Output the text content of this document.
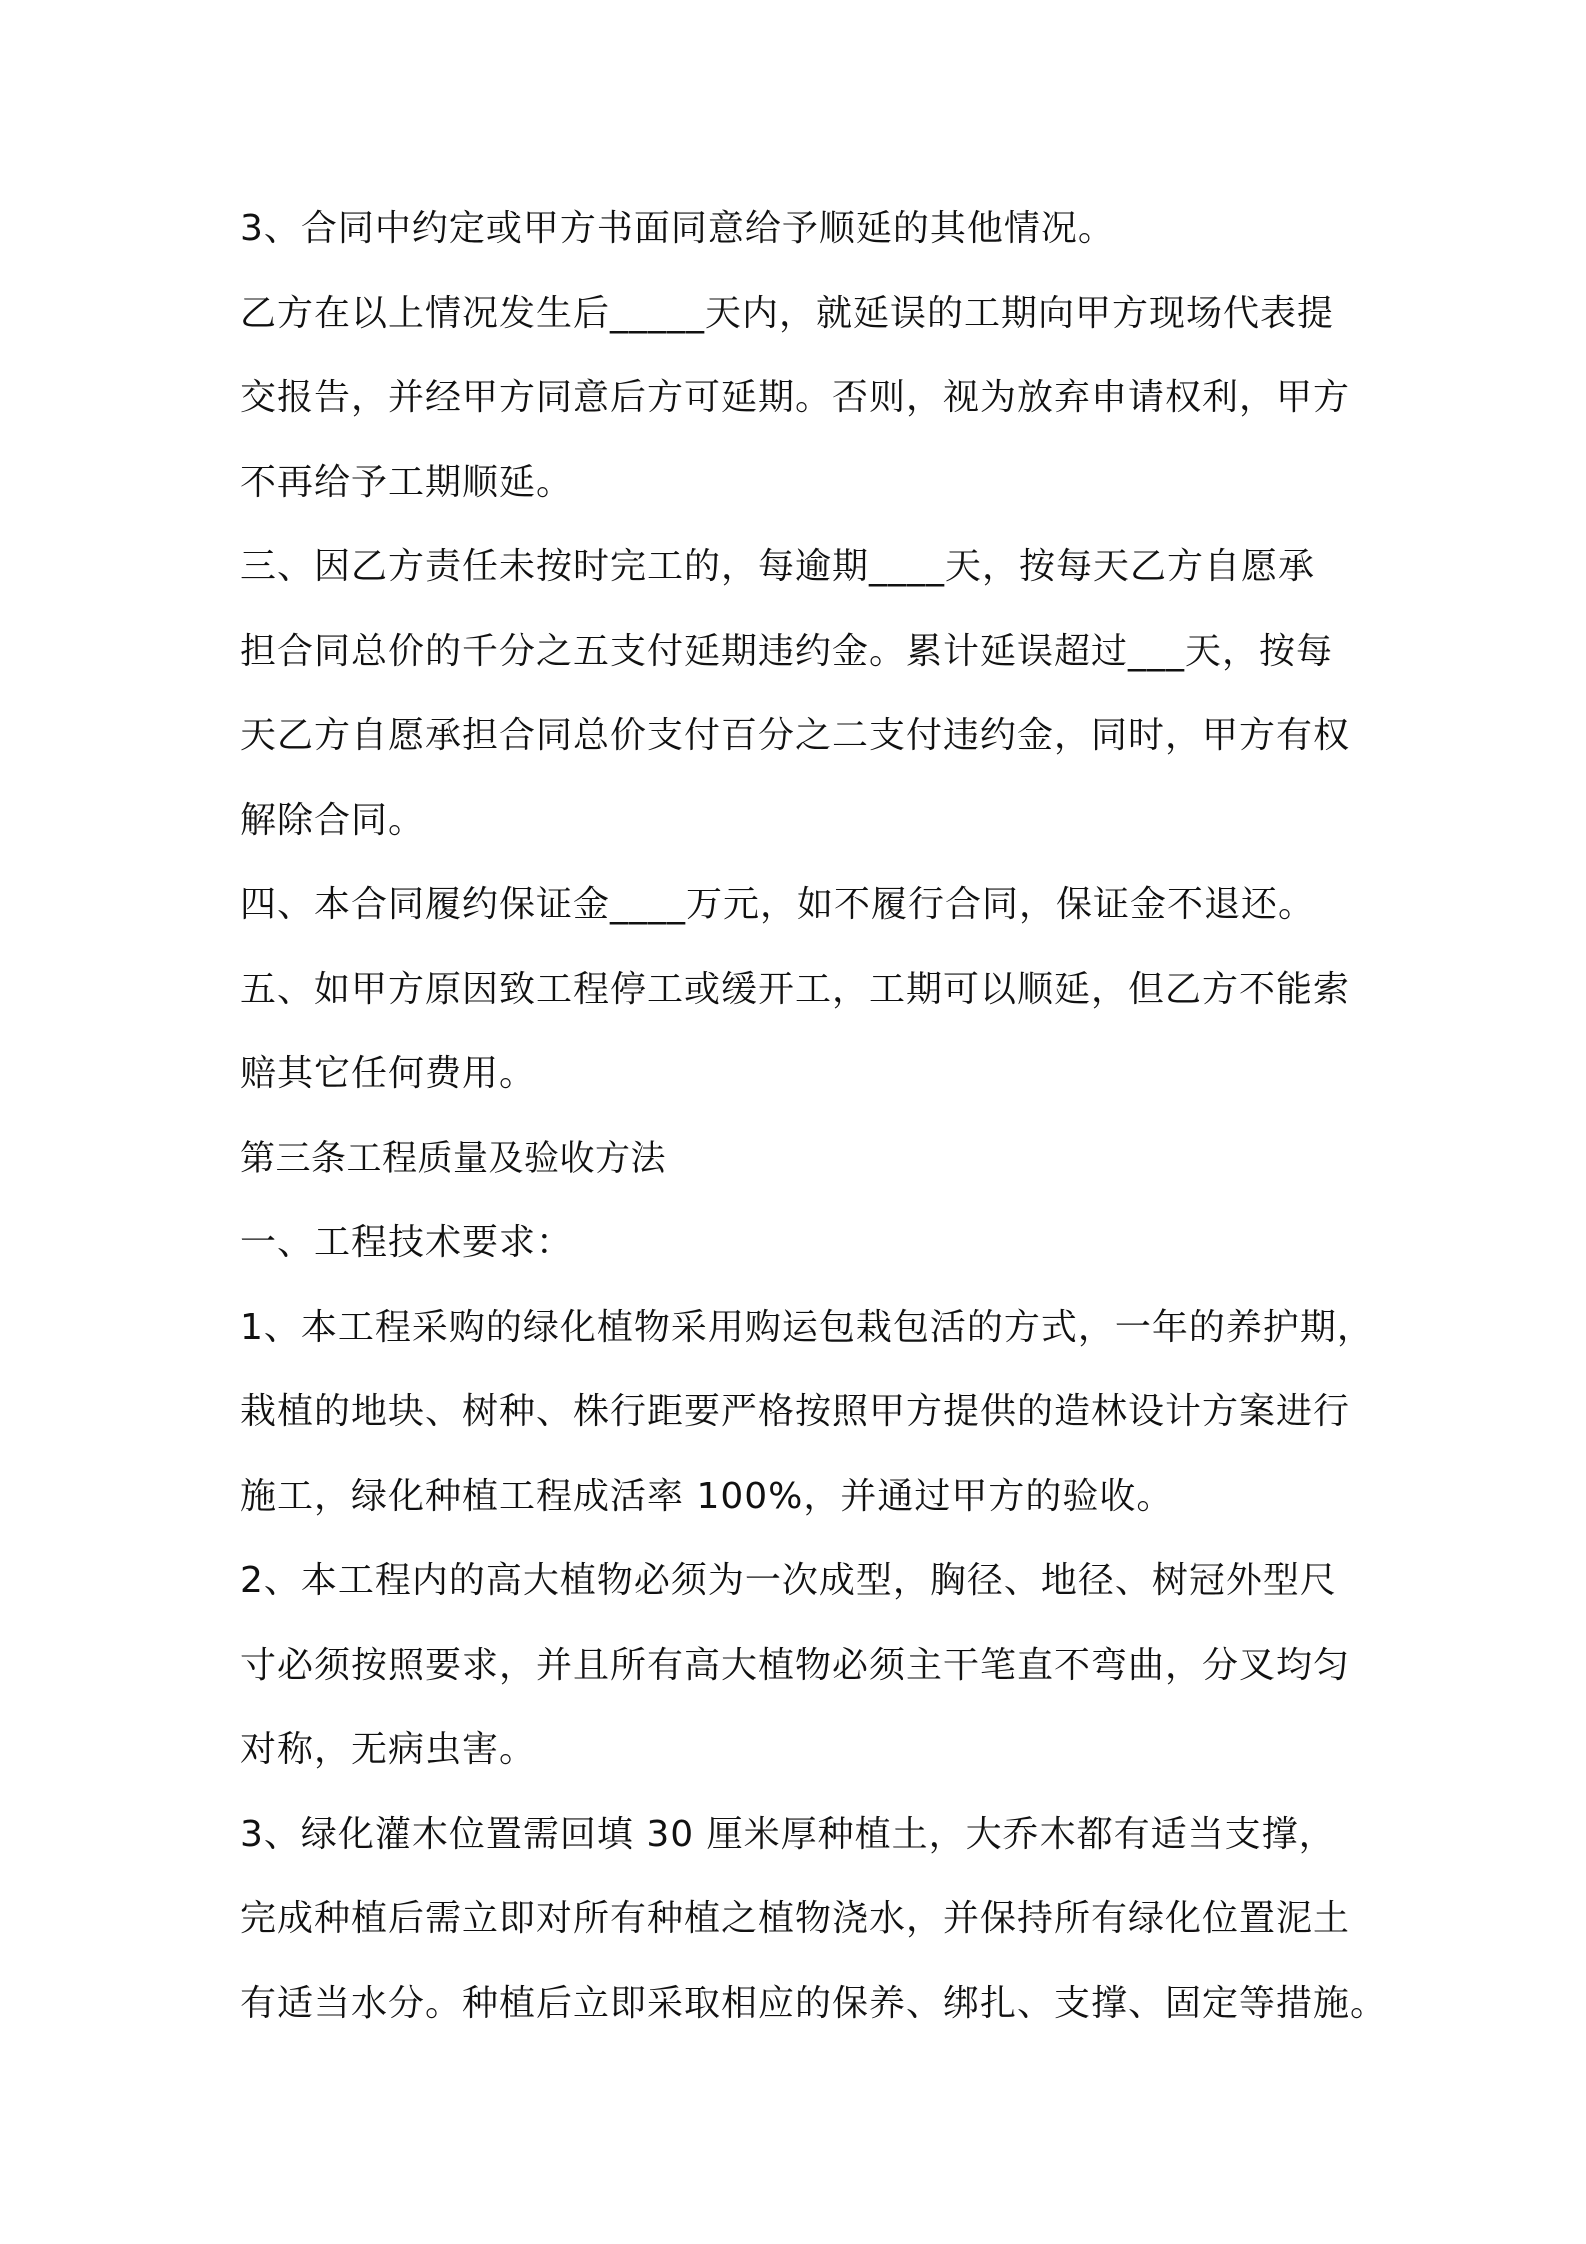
3、合同中约定或甲方书面同意给予顺延的其他情况。
乙方在以上情况发生后_____天内，就延误的工期向甲方现场代表提
交报告，并经甲方同意后方可延期。否则，视为放弃申请权利，甲方
不再给予工期顺延。
三、因乙方责任未按时完工的，每逾期____天，按每天乙方自愿承
担合同总价的千分之五支付延期违约金。累计延误超过___天，按每
天乙方自愿承担合同总价支付百分之二支付违约金，同时，甲方有权
解除合同。
四、本合同履约保证金____万元，如不履行合同，保证金不退还。
五、如甲方原因致工程停工或缓开工，工期可以顺延，但乙方不能索
赔其它任何费用。
第三条工程质量及验收方法
一、工程技术要求：
1、本工程采购的绿化植物采用购运包栽包活的方式，一年的养护期，
栽植的地块、树种、株行距要严格按照甲方提供的造林设计方案进行
施工，绿化种植工程成活率 100%，并通过甲方的验收。
2、本工程内的高大植物必须为一次成型，胸径、地径、树冠外型尺
寸必须按照要求，并且所有高大植物必须主干笔直不弯曲，分叉均匀
对称，无病虫害。
3、绿化灌木位置需回填 30 厘米厚种植土，大乔木都有适当支撑，
完成种植后需立即对所有种植之植物浇水，并保持所有绿化位置泥土
有适当水分。种植后立即采取相应的保养、绑扎、支撑、固定等措施。
